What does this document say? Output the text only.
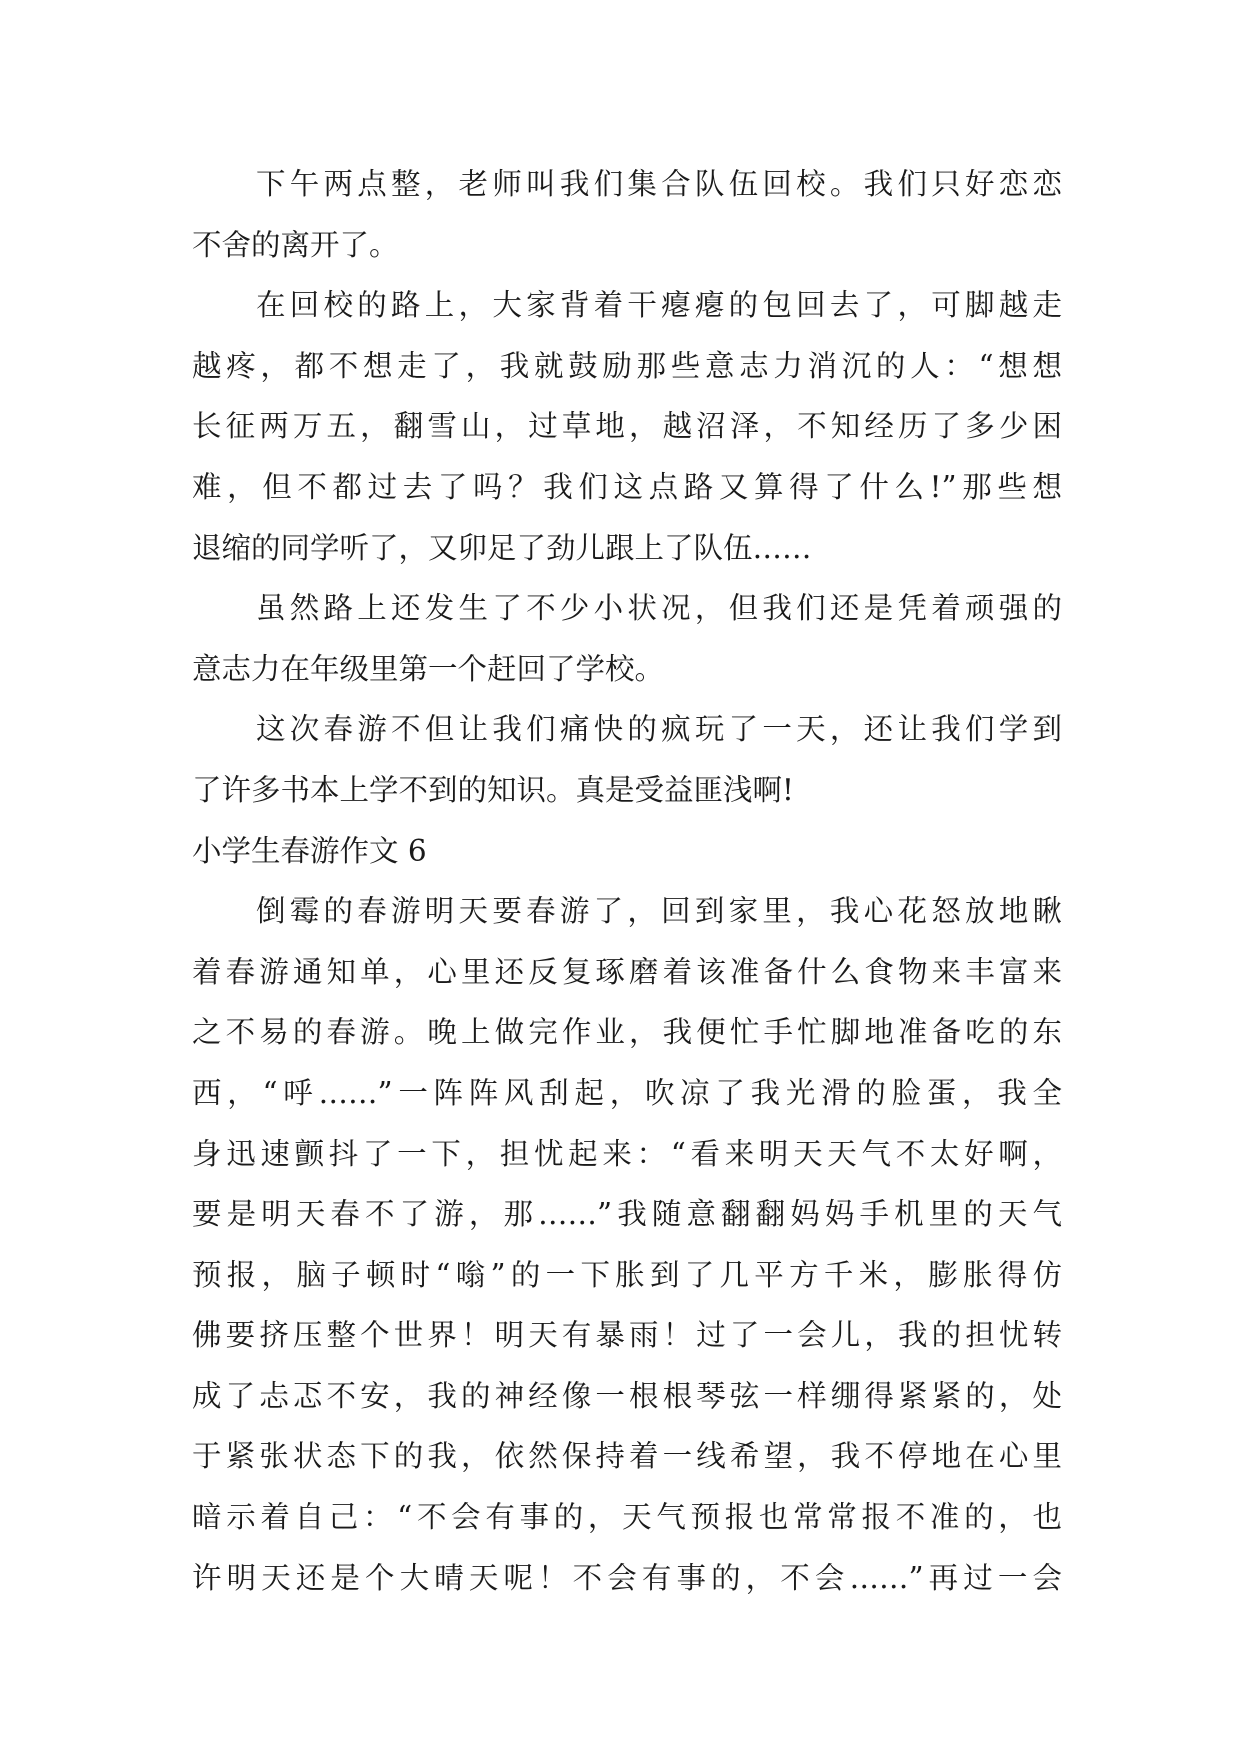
下午两点整，老师叫我们集合队伍回校。我们只好恋恋
不舍的离开了。
在回校的路上，大家背着干瘪瘪的包回去了，可脚越走
越疼，都不想走了，我就鼓励那些意志力消沉的人：“想想
长征两万五，翻雪山，过草地，越沼泽，不知经历了多少困
难，但不都过去了吗？我们这点路又算得了什么!”那些想
退缩的同学听了，又卯足了劲儿跟上了队伍……
虽然路上还发生了不少小状况，但我们还是凭着顽强的
意志力在年级里第一个赶回了学校。
这次春游不但让我们痛快的疯玩了一天，还让我们学到
了许多书本上学不到的知识。真是受益匪浅啊!
小学生春游作文 6
倒霉的春游明天要春游了，回到家里，我心花怒放地瞅
着春游通知单，心里还反复琢磨着该准备什么食物来丰富来
之不易的春游。晚上做完作业，我便忙手忙脚地准备吃的东
西，“呼……”一阵阵风刮起，吹凉了我光滑的脸蛋，我全
身迅速颤抖了一下，担忧起来：“看来明天天气不太好啊，
要是明天春不了游，那……”我随意翻翻妈妈手机里的天气
预报，脑子顿时“嗡”的一下胀到了几平方千米，膨胀得仿
佛要挤压整个世界！明天有暴雨！过了一会儿，我的担忧转
成了忐忑不安，我的神经像一根根琴弦一样绷得紧紧的，处
于紧张状态下的我，依然保持着一线希望，我不停地在心里
暗示着自己：“不会有事的，天气预报也常常报不准的，也
许明天还是个大晴天呢！不会有事的，不会……”再过一会
